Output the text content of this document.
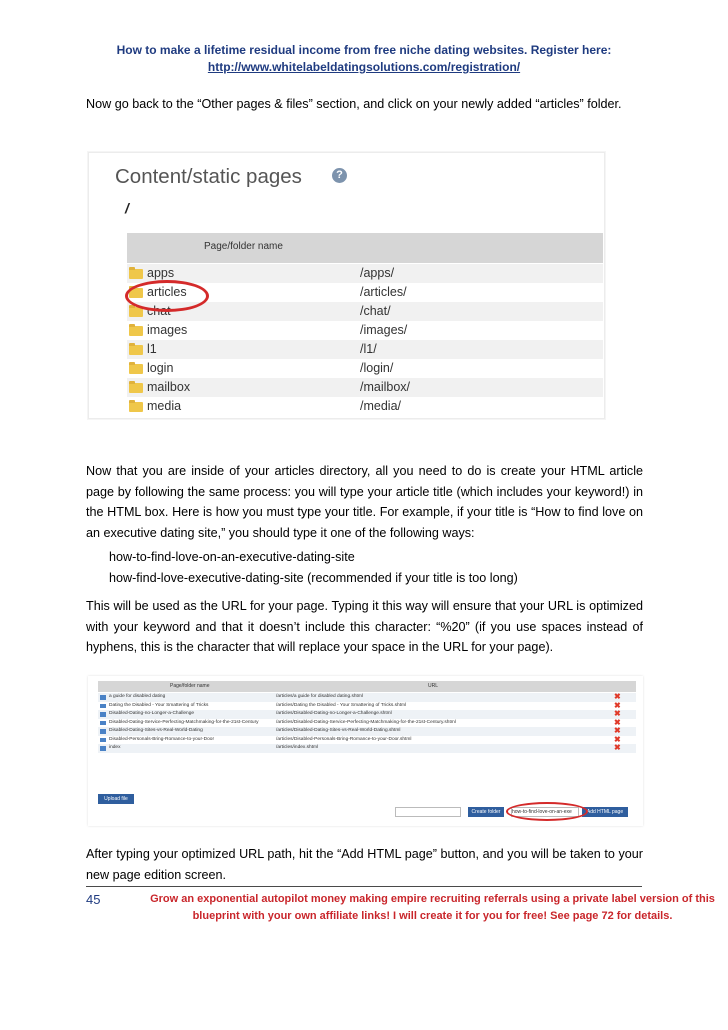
How to make a lifetime residual income from free niche dating websites. Register here:
http://www.whitelabeldatingsolutions.com/registration/
Now go back to the “Other pages & files” section, and click on your newly added “articles” folder.
Content/static pages	?
/
Page/folder name
apps	/apps/
articles	/articles/
chat	/chat/
images	/images/
l1	/l1/
login	/login/
mailbox	/mailbox/
media	/media/
Now that you are inside of your articles directory, all you need to do is create your HTML article page by following the same process: you will type your article title (which includes your keyword!) in the HTML box. Here is how you must type your title. For example, if your title is “How to find love on an executive dating site,” you should type it one of the following ways:
how-to-find-love-on-an-executive-dating-site
how-find-love-executive-dating-site (recommended if your title is too long)
This will be used as the URL for your page. Typing it this way will ensure that your URL is optimized with your keyword and that it doesn’t include this character: “%20” (if you use spaces instead of hyphens, this is the character that will replace your space in the URL for your page).
Page/folder name	URL
a guide for disabled dating	/articles/a guide for disabled dating.shtml	✖
Dating the Disabled - Your Smattering of Tricks	/articles/Dating the Disabled - Your Smattering of Tricks.shtml	✖
Disabled-Dating-no-Longer-a-Challenge	/articles/Disabled-Dating-no-Longer-a-Challenge.shtml	✖
Disabled-Dating-Service-Perfecting-Matchmaking-for-the-21st-Century	/articles/Disabled-Dating-Service-Perfecting-Matchmaking-for-the-21st-Century.shtml	✖
Disabled-Dating-Sites-vs-Real-World-Dating	/articles/Disabled-Dating-Sites-vs-Real-World-Dating.shtml	✖
Disabled-Personals-Bring-Romance-to-your-Door	/articles/Disabled-Personals-Bring-Romance-to-your-Door.shtml	✖
index	/articles/index.shtml	✖
Upload file
Create folder	how-to-find-love-on-an-exe	Add HTML page
After typing your optimized URL path, hit the “Add HTML page” button, and you will be taken to your new page edition screen.
45	Grow an exponential autopilot money making empire recruiting referrals using a private label version of this
blueprint with your own affiliate links! I will create it for you for free! See page 72 for details.
